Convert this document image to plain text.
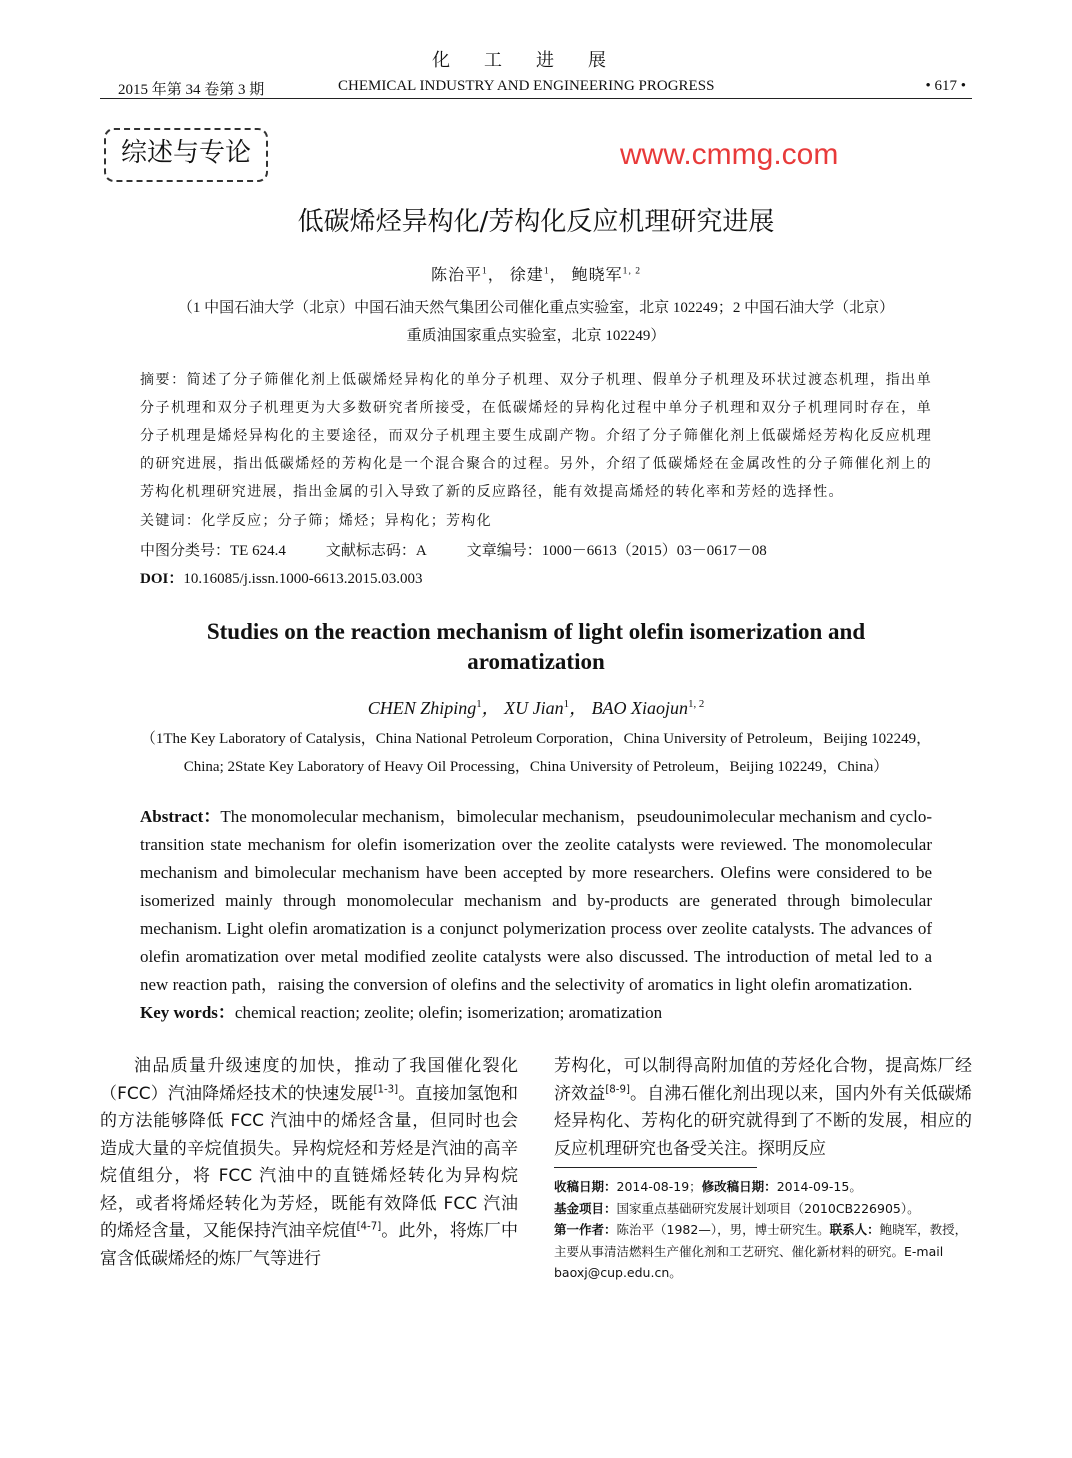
化工进展
2015 年第 34 卷第 3 期	CHEMICAL INDUSTRY AND ENGINEERING PROGRESS	• 617 •
综述与专论	www.cmmg.com
低碳烯烃异构化/芳构化反应机理研究进展
陈治平$^1$， 徐建$^1$， 鲍晓军$^{1, 2}$
（1 中国石油大学（北京）中国石油天然气集团公司催化重点实验室，北京 102249；2 中国石油大学（北京）
重质油国家重点实验室，北京 102249）
摘要：简述了分子筛催化剂上低碳烯烃异构化的单分子机理、双分子机理、假单分子机理及环状过渡态机理，指出单分子机理和双分子机理更为大多数研究者所接受，在低碳烯烃的异构化过程中单分子机理和双分子机理同时存在，单分子机理是烯烃异构化的主要途径，而双分子机理主要生成副产物。介绍了分子筛催化剂上低碳烯烃芳构化反应机理的研究进展，指出低碳烯烃的芳构化是一个混合聚合的过程。另外，介绍了低碳烯烃在金属改性的分子筛催化剂上的芳构化机理研究进展，指出金属的引入导致了新的反应路径，能有效提高烯烃的转化率和芳烃的选择性。
关键词：化学反应；分子筛；烯烃；异构化；芳构化
中图分类号：TE 624.4	文献标志码：A	文章编号：1000－6613（2015）03－0617－08
DOI：10.16085/j.issn.1000-6613.2015.03.003
Studies on the reaction mechanism of light olefin isomerization and aromatization
CHEN Zhiping$^1$， XU Jian$^1$， BAO Xiaojun$^{1, 2}$
（1The Key Laboratory of Catalysis，China National Petroleum Corporation，China University of Petroleum，Beijing 102249，China; 2State Key Laboratory of Heavy Oil Processing，China University of Petroleum，Beijing 102249，China）
Abstract：The monomolecular mechanism，bimolecular mechanism，pseudounimolecular mechanism and cyclo-transition state mechanism for olefin isomerization over the zeolite catalysts were reviewed. The monomolecular mechanism and bimolecular mechanism have been accepted by more researchers. Olefins were considered to be isomerized mainly through monomolecular mechanism and by-products are generated through bimolecular mechanism. Light olefin aromatization is a conjunct polymerization process over zeolite catalysts. The advances of olefin aromatization over metal modified zeolite catalysts were also discussed. The introduction of metal led to a new reaction path，raising the conversion of olefins and the selectivity of aromatics in light olefin aromatization.
Key words：chemical reaction; zeolite; olefin; isomerization; aromatization
油品质量升级速度的加快，推动了我国催化裂化（FCC）汽油降烯烃技术的快速发展[1-3]。直接加氢饱和的方法能够降低 FCC 汽油中的烯烃含量，但同时也会造成大量的辛烷值损失。异构烷烃和芳烃是汽油的高辛烷值组分，将 FCC 汽油中的直链烯烃转化为异构烷烃，或者将烯烃转化为芳烃，既能有效降低 FCC 汽油的烯烃含量，又能保持汽油辛烷值[4-7]。此外，将炼厂中富含低碳烯烃的炼厂气等进行
芳构化，可以制得高附加值的芳烃化合物，提高炼厂经济效益[8-9]。自沸石催化剂出现以来，国内外有关低碳烯烃异构化、芳构化的研究就得到了不断的发展，相应的反应机理研究也备受关注。探明反应
收稿日期：2014-08-19；修改稿日期：2014-09-15。
基金项目：国家重点基础研究发展计划项目（2010CB226905）。
第一作者：陈治平（1982—），男，博士研究生。联系人：鲍晓军，教授，主要从事清洁燃料生产催化剂和工艺研究、催化新材料的研究。E-mail baoxj@cup.edu.cn。
